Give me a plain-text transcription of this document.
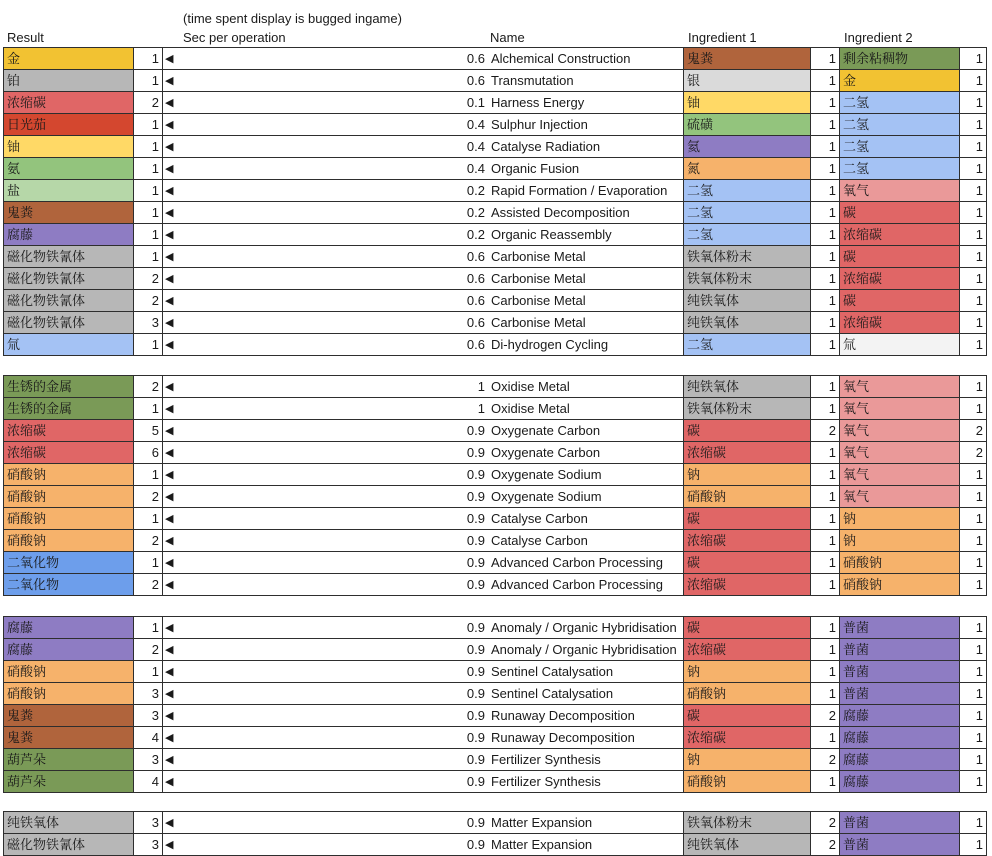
(time spent display is bugged ingame)
Result	Sec per operation	Name	Ingredient 1	Ingredient 2
金	1 ◀	0.6 Alchemical Construction	鬼粪	1 剩余粘稠物	1
铂	1 ◀	0.6 Transmutation	银	1 金	1
浓缩碳	2 ◀	0.1 Harness Energy	铀	1 二氢	1
日光茄	1 ◀	0.4 Sulphur Injection	硫磺	1 二氢	1
铀	1 ◀	0.4 Catalyse Radiation	氦	1 二氢	1
氨	1 ◀	0.4 Organic Fusion	氮	1 二氢	1
盐	1 ◀	0.2 Rapid Formation / Evaporation	二氢	1 氧气	1
鬼粪	1 ◀	0.2 Assisted Decomposition	二氢	1 碳	1
腐藤	1 ◀	0.2 Organic Reassembly	二氢	1 浓缩碳	1
磁化物铁氰体	1 ◀	0.6 Carbonise Metal	铁氧体粉末	1 碳	1
磁化物铁氰体	2 ◀	0.6 Carbonise Metal	铁氧体粉末	1 浓缩碳	1
磁化物铁氰体	2 ◀	0.6 Carbonise Metal	纯铁氧体	1 碳	1
磁化物铁氰体	3 ◀	0.6 Carbonise Metal	纯铁氧体	1 浓缩碳	1
氚	1 ◀	0.6 Di-hydrogen Cycling	二氢	1 氚	1
生锈的金属	2 ◀	1 Oxidise Metal	纯铁氧体	1 氧气	1
生锈的金属	1 ◀	1 Oxidise Metal	铁氧体粉末	1 氧气	1
浓缩碳	5 ◀	0.9 Oxygenate Carbon	碳	2 氧气	2
浓缩碳	6 ◀	0.9 Oxygenate Carbon	浓缩碳	1 氧气	2
硝酸钠	1 ◀	0.9 Oxygenate Sodium	钠	1 氧气	1
硝酸钠	2 ◀	0.9 Oxygenate Sodium	硝酸钠	1 氧气	1
硝酸钠	1 ◀	0.9 Catalyse Carbon	碳	1 钠	1
硝酸钠	2 ◀	0.9 Catalyse Carbon	浓缩碳	1 钠	1
二氧化物	1 ◀	0.9 Advanced Carbon Processing	碳	1 硝酸钠	1
二氧化物	2 ◀	0.9 Advanced Carbon Processing	浓缩碳	1 硝酸钠	1
腐藤	1 ◀	0.9 Anomaly / Organic Hybridisation 碳	1 普菌	1
腐藤	2 ◀	0.9 Anomaly / Organic Hybridisation 浓缩碳	1 普菌	1
硝酸钠	1 ◀	0.9 Sentinel Catalysation	钠	1 普菌	1
硝酸钠	3 ◀	0.9 Sentinel Catalysation	硝酸钠	1 普菌	1
鬼粪	3 ◀	0.9 Runaway Decomposition	碳	2 腐藤	1
鬼粪	4 ◀	0.9 Runaway Decomposition	浓缩碳	1 腐藤	1
葫芦朵	3 ◀	0.9 Fertilizer Synthesis	钠	2 腐藤	1
葫芦朵	4 ◀	0.9 Fertilizer Synthesis	硝酸钠	1 腐藤	1
纯铁氧体	3 ◀	0.9 Matter Expansion	铁氧体粉末	2 普菌	1
磁化物铁氰体	3 ◀	0.9 Matter Expansion	纯铁氧体	2 普菌	1
